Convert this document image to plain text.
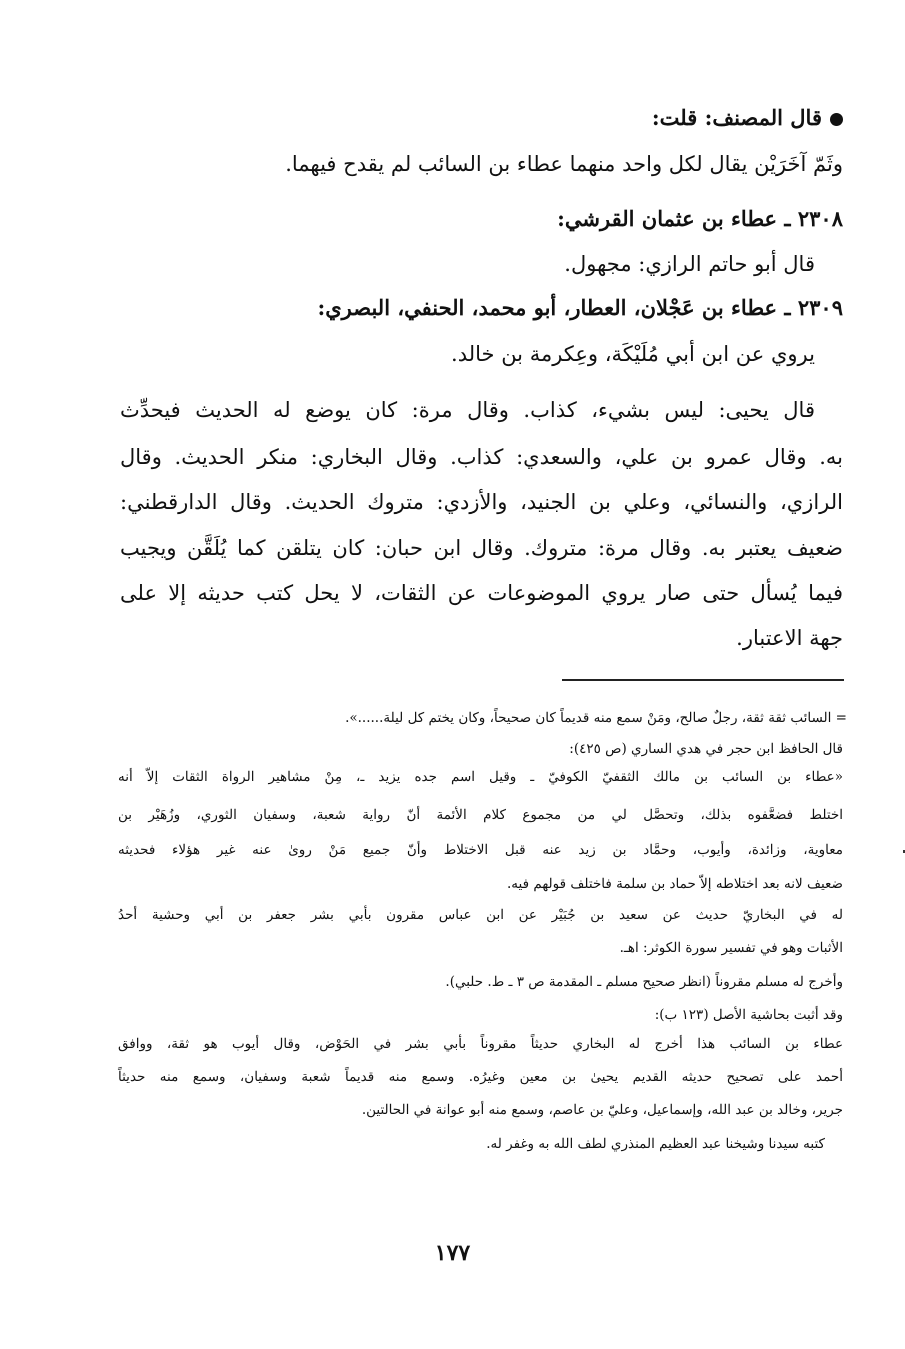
قال المصنف: قلت:
وثَمّ آخَرَيْن يقال لكل واحد منهما عطاء بن السائب لم يقدح فيهما.
٢٣٠٨ ـ عطاء بن عثمان القرشي:
قال أبو حاتم الرازي: مجهول.
٢٣٠٩ ـ عطاء بن عَجْلان، العطار، أبو محمد، الحنفي، البصري:
يروي عن ابن أبي مُلَيْكَة، وعِكرمة بن خالد.
قال يحيى: ليس بشيء، كذاب. وقال مرة: كان يوضع له الحديث فيحدِّث
به. وقال عمرو بن علي، والسعدي: كذاب. وقال البخاري: منكر الحديث. وقال
الرازي، والنسائي، وعلي بن الجنيد، والأزدي: متروك الحديث. وقال الدارقطني:
ضعيف يعتبر به. وقال مرة: متروك. وقال ابن حبان: كان يتلقن كما يُلَقَّن ويجيب
فيما يُسأل حتى صار يروي الموضوعات عن الثقات، لا يحل كتب حديثه إلا على
جهة الاعتبار.
= السائب ثقة ثقة، رجلٌ صالح، ومَنْ سمع منه قديماً كان صحيحاً، وكان يختم كل ليلة......».
قال الحافظ ابن حجر في هدي الساري (ص ٤٢٥):
«عطاء بن السائب بن مالك الثقفيّ الكوفيّ ـ وقيل اسم جده يزيد ـ، مِنْ مشاهير الرواة الثقات إلاّ أنه
اختلط فضعَّفوه بذلك، وتحصَّل لي من مجموع كلام الأئمة أنّ رواية شعبة، وسفيان الثوري، وزُهَيْر بن
معاوية، وزائدة، وأيوب، وحمَّاد بن زيد عنه قبل الاختلاط وأنّ جميع مَنْ روىٰ عنه غير هؤلاء فحديثه
ضعيف لانه بعد اختلاطه إلاّ حماد بن سلمة فاختلف قولهم فيه.
له في البخاريّ حديث عن سعيد بن جُبَيْر عن ابن عباس مقرون بأبي بشر جعفر بن أبي وحشية أحدُ
الأثبات وهو في تفسير سورة الكوثر: اهـ.
وأخرج له مسلم مقروناً (انظر صحيح مسلم ـ المقدمة ص ٣ ـ ط. حلبي).
وقد أثبت بحاشية الأصل (١٢٣ ب):
عطاء بن السائب هذا أخرج له البخاري حديثاً مقروناً بأبي بشر في الحَوْض، وقال أيوب هو ثقة، ووافق
أحمد على تصحيح حديثه القديم يحيىٰ بن معين وغيرُه. وسمع منه قديماً شعبة وسفيان، وسمع منه حديثاً
جرير، وخالد بن عبد الله، وإسماعيل، وعليّ بن عاصم، وسمع منه أبو عوانة في الحالتين.
كتبه سيدنا وشيخنا عبد العظيم المنذري لطف الله به وغفر له.
١٧٧
